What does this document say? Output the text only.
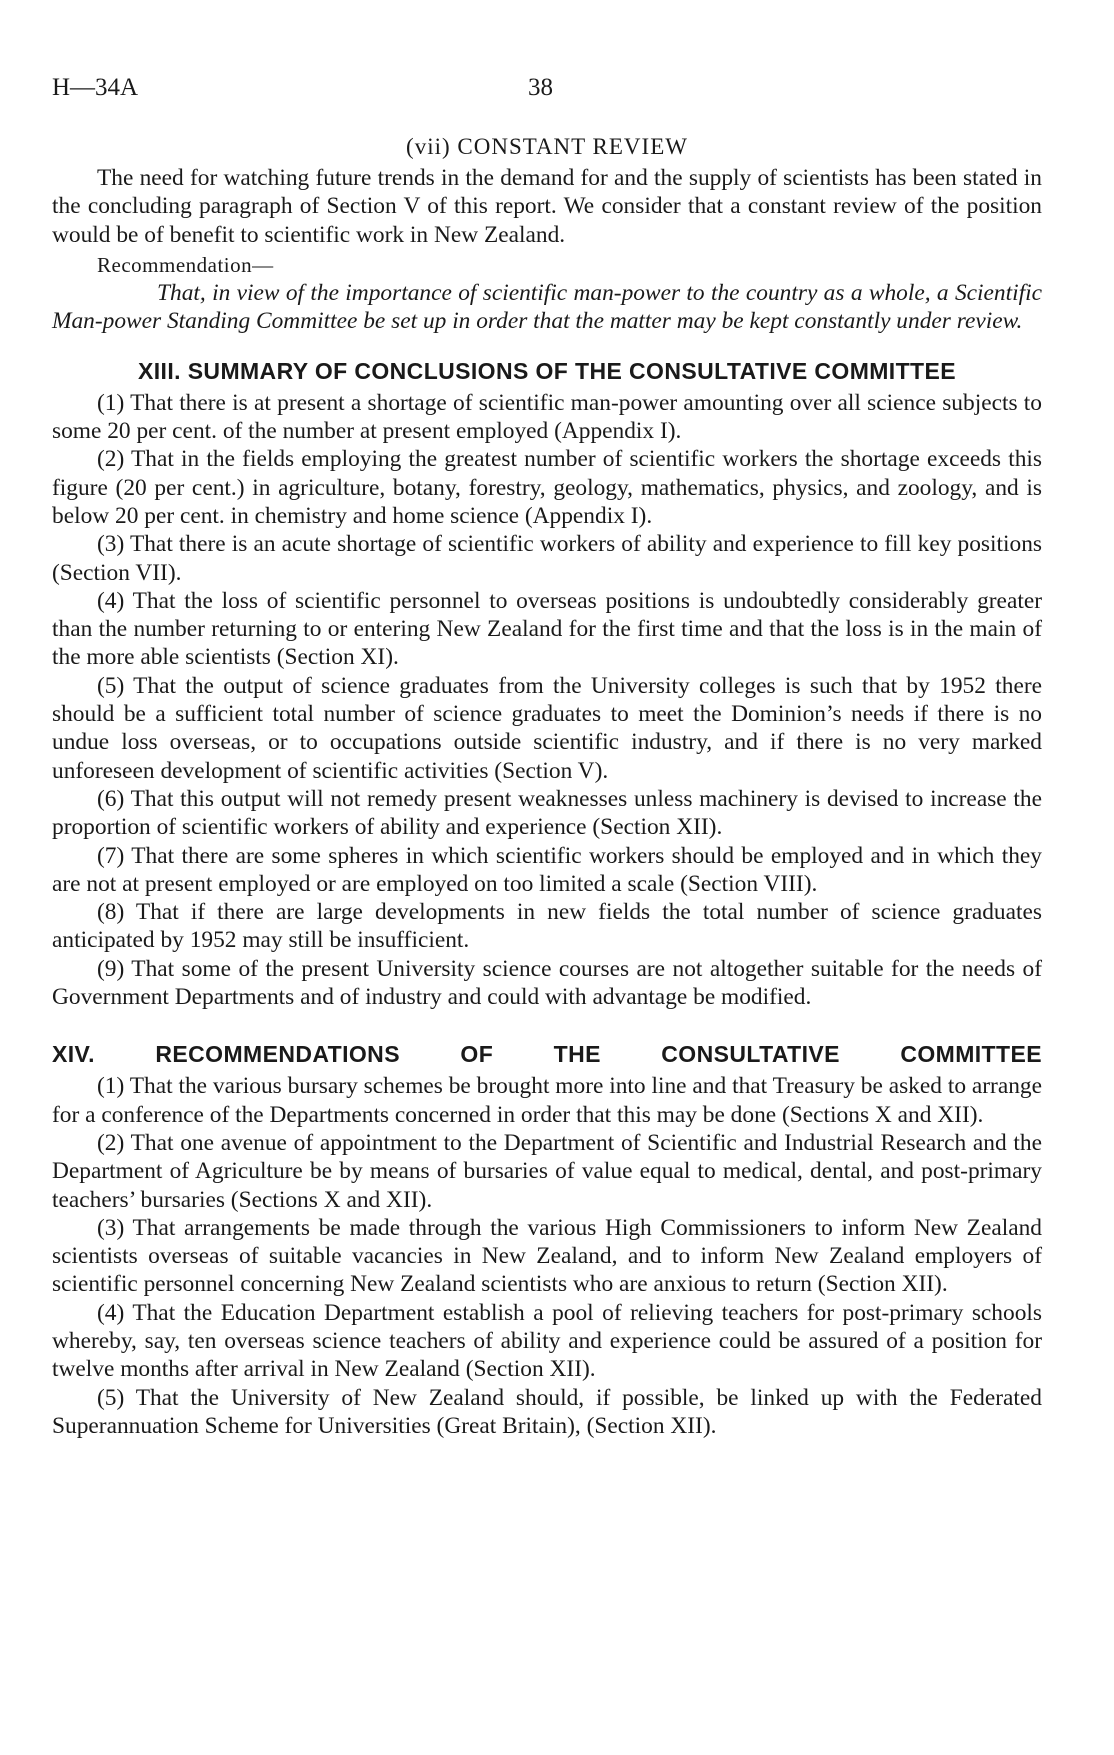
H—34A	38
(vii) CONSTANT REVIEW

The need for watching future trends in the demand for and the supply of scientists has been stated in the concluding paragraph of Section V of this report. We consider that a constant review of the position would be of benefit to scientific work in New Zealand.

Recommendation—

That, in view of the importance of scientific man-power to the country as a whole, a Scientific Man-power Standing Committee be set up in order that the matter may be kept constantly under review.

XIII. SUMMARY OF CONCLUSIONS OF THE CONSULTATIVE COMMITTEE

(1) That there is at present a shortage of scientific man-power amounting over all science subjects to some 20 per cent. of the number at present employed (Appendix I).

(2) That in the fields employing the greatest number of scientific workers the shortage exceeds this figure (20 per cent.) in agriculture, botany, forestry, geology, mathematics, physics, and zoology, and is below 20 per cent. in chemistry and home science (Appendix I).

(3) That there is an acute shortage of scientific workers of ability and experience to fill key positions (Section VII).

(4) That the loss of scientific personnel to overseas positions is undoubtedly considerably greater than the number returning to or entering New Zealand for the first time and that the loss is in the main of the more able scientists (Section XI).

(5) That the output of science graduates from the University colleges is such that by 1952 there should be a sufficient total number of science graduates to meet the Dominion’s needs if there is no undue loss overseas, or to occupations outside scientific industry, and if there is no very marked unforeseen development of scientific activities (Section V).

(6) That this output will not remedy present weaknesses unless machinery is devised to increase the proportion of scientific workers of ability and experience (Section XII).

(7) That there are some spheres in which scientific workers should be employed and in which they are not at present employed or are employed on too limited a scale (Section VIII).

(8) That if there are large developments in new fields the total number of science graduates anticipated by 1952 may still be insufficient.

(9) That some of the present University science courses are not altogether suitable for the needs of Government Departments and of industry and could with advantage be modified.

XIV.	RECOMMENDATIONS	OF	THE	CONSULTATIVE	COMMITTEE

(1) That the various bursary schemes be brought more into line and that Treasury be asked to arrange for a conference of the Departments concerned in order that this may be done (Sections X and XII).

(2) That one avenue of appointment to the Department of Scientific and Industrial Research and the Department of Agriculture be by means of bursaries of value equal to medical, dental, and post-primary teachers’ bursaries (Sections X and XII).

(3) That arrangements be made through the various High Commissioners to inform New Zealand scientists overseas of suitable vacancies in New Zealand, and to inform New Zealand employers of scientific personnel concerning New Zealand scientists who are anxious to return (Section XII).

(4) That the Education Department establish a pool of relieving teachers for post-primary schools whereby, say, ten overseas science teachers of ability and experience could be assured of a position for twelve months after arrival in New Zealand (Section XII).

(5) That the University of New Zealand should, if possible, be linked up with the Federated Superannuation Scheme for Universities (Great Britain), (Section XII).
